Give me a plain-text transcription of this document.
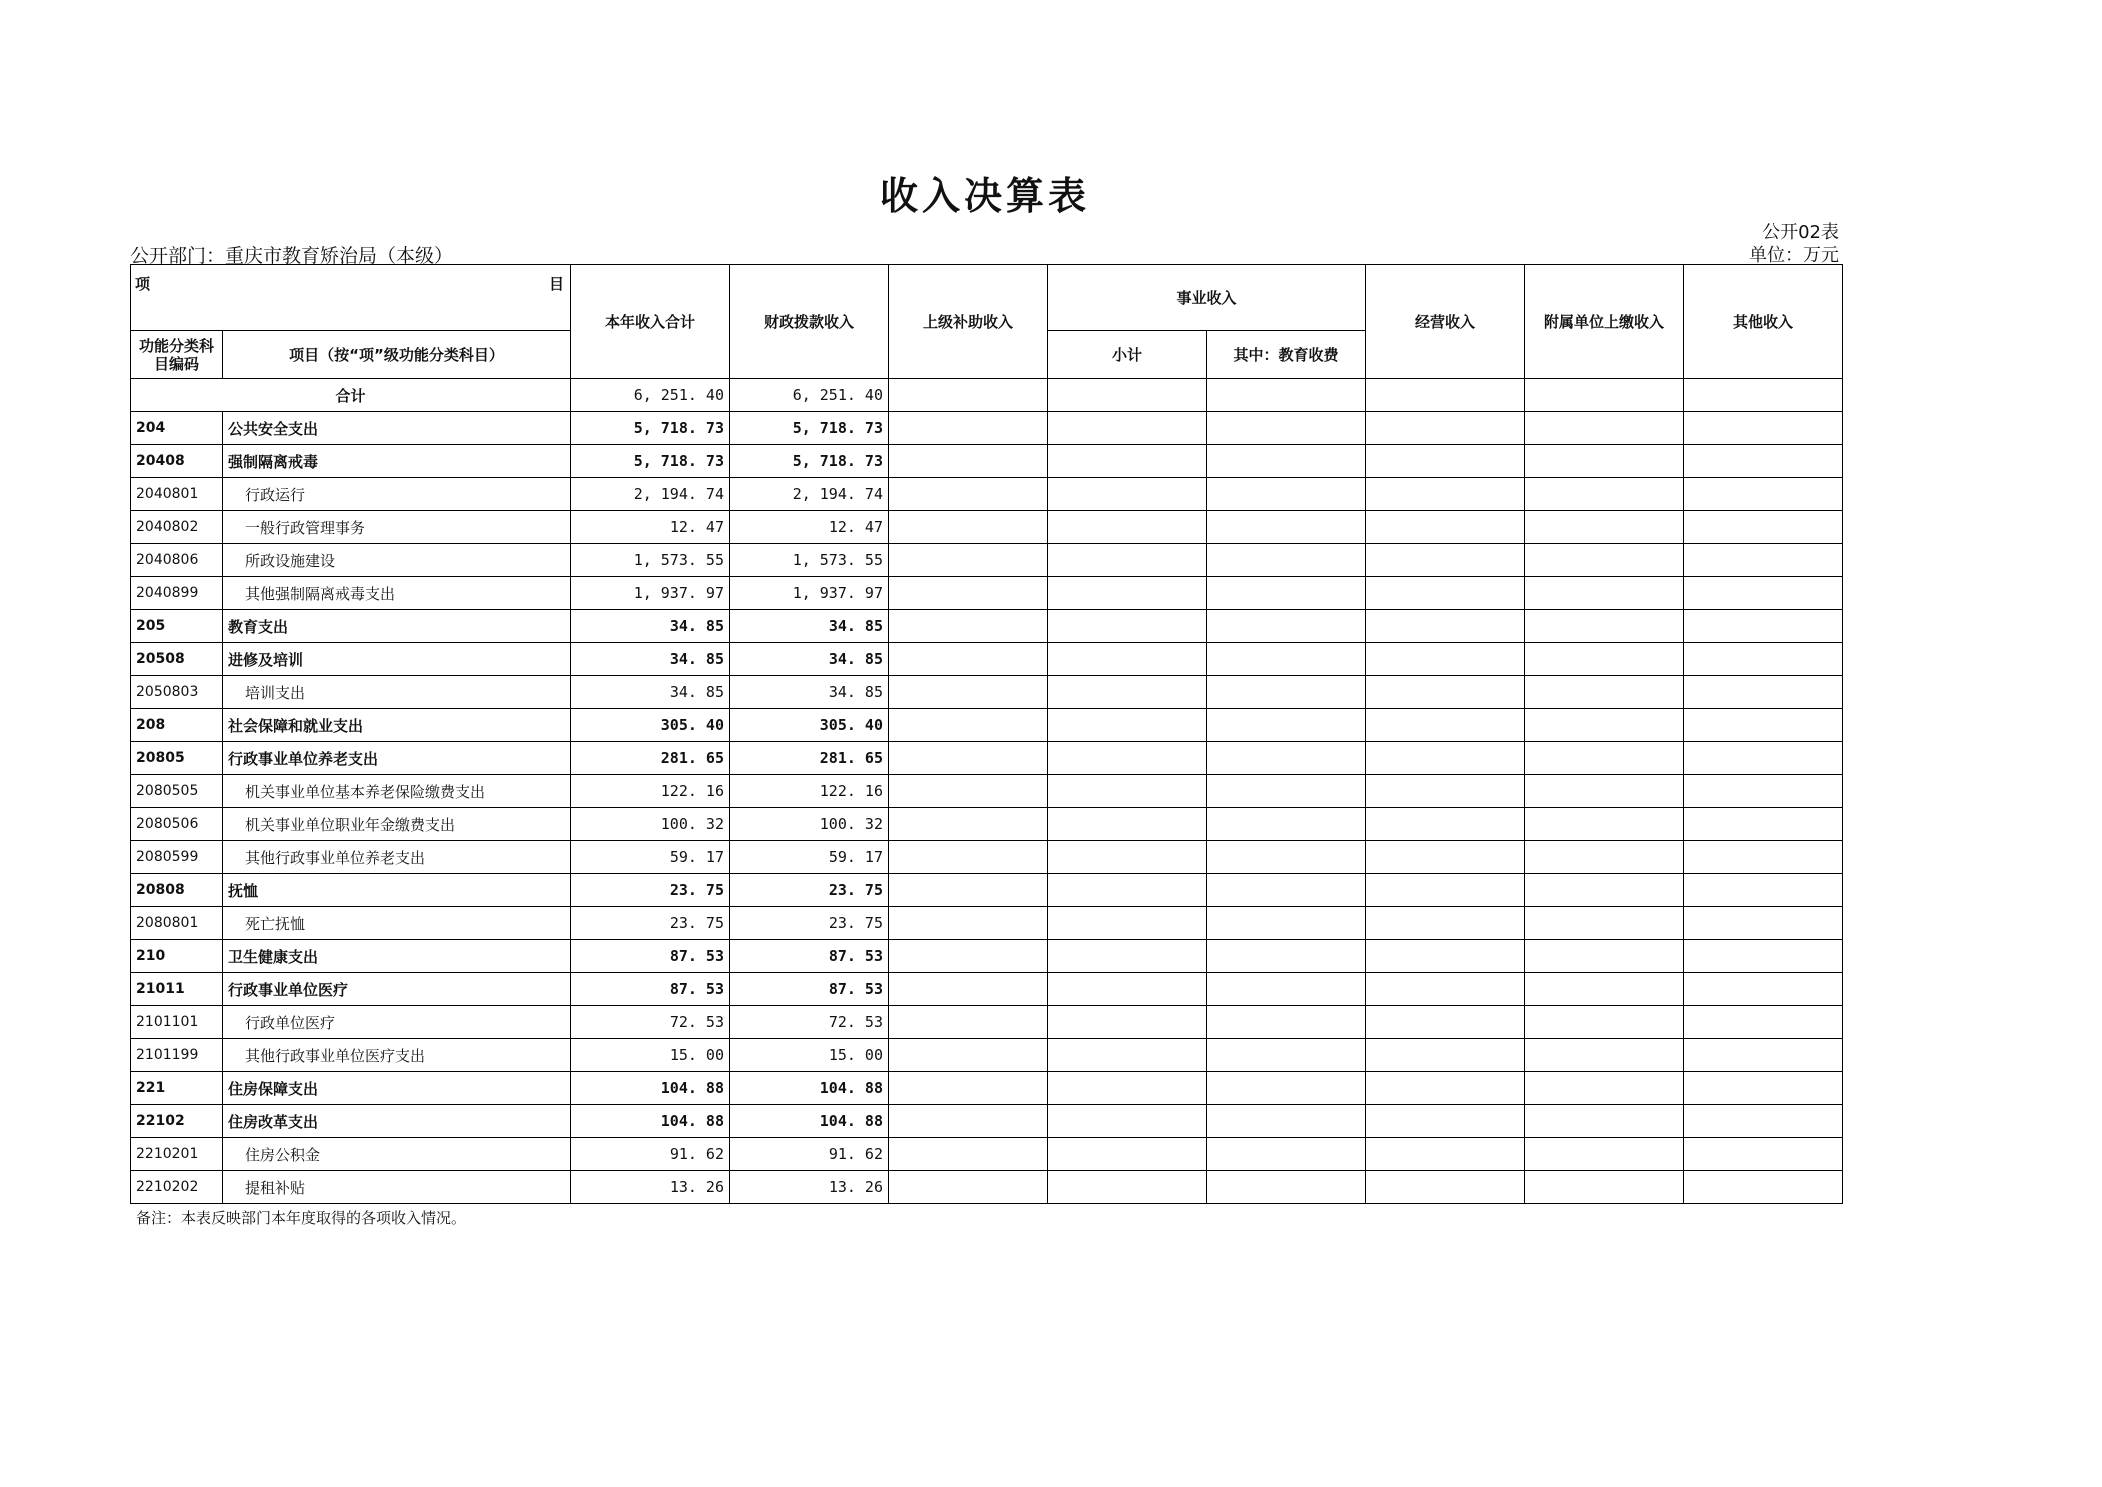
收入决算表
公开02表
单位：万元
公开部门：重庆市教育矫治局（本级）
项 目		本年收入合计	财政拨款收入	上级补助收入	事业收入		经营收入	附属单位上缴收入	其他收入
功能分类科目编码	项目（按“项”级功能分类科目）				小计	其中：教育收费			
合计		6, 251. 40	6, 251. 40						
204	公共安全支出	5, 718. 73	5, 718. 73						
20408	强制隔离戒毒	5, 718. 73	5, 718. 73						
2040801	行政运行	2, 194. 74	2, 194. 74						
2040802	一般行政管理事务	12. 47	12. 47						
2040806	所政设施建设	1, 573. 55	1, 573. 55						
2040899	其他强制隔离戒毒支出	1, 937. 97	1, 937. 97						
205	教育支出	34. 85	34. 85						
20508	进修及培训	34. 85	34. 85						
2050803	培训支出	34. 85	34. 85						
208	社会保障和就业支出	305. 40	305. 40						
20805	行政事业单位养老支出	281. 65	281. 65						
2080505	机关事业单位基本养老保险缴费支出	122. 16	122. 16						
2080506	机关事业单位职业年金缴费支出	100. 32	100. 32						
2080599	其他行政事业单位养老支出	59. 17	59. 17						
20808	抚恤	23. 75	23. 75						
2080801	死亡抚恤	23. 75	23. 75						
210	卫生健康支出	87. 53	87. 53						
21011	行政事业单位医疗	87. 53	87. 53						
2101101	行政单位医疗	72. 53	72. 53						
2101199	其他行政事业单位医疗支出	15. 00	15. 00						
221	住房保障支出	104. 88	104. 88						
22102	住房改革支出	104. 88	104. 88						
2210201	住房公积金	91. 62	91. 62						
2210202	提租补贴	13. 26	13. 26						
备注：本表反映部门本年度取得的各项收入情况。
